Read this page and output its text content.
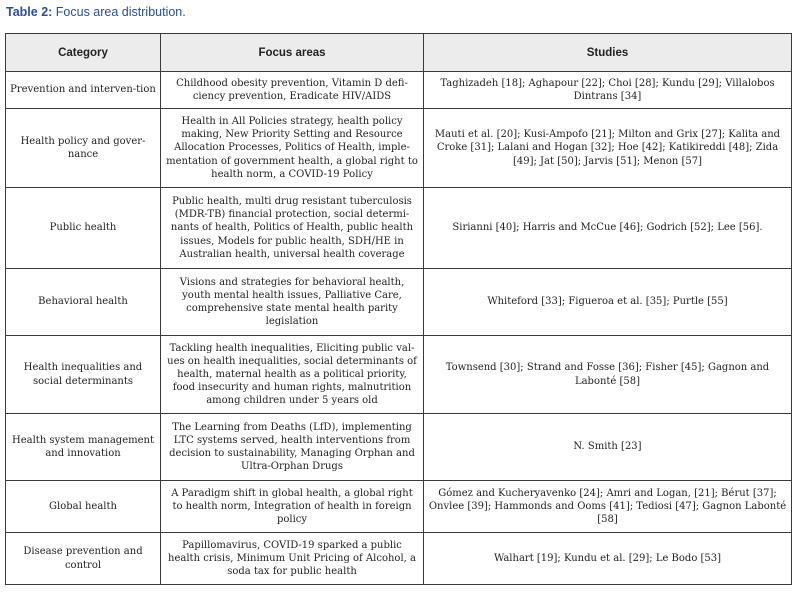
Table 2: Focus area distribution.
Category	Focus areas	Studies
Prevention and interven-tion	Childhood obesity prevention, Vitamin D defi-ciency prevention, Eradicate HIV/AIDS	Taghizadeh [18]; Aghapour [22]; Choi [28]; Kundu [29]; Villalobos Dintrans [34]
Health policy and gover-nance	Health in All Policies strategy, health policy making, New Priority Setting and Resource Allocation Processes, Politics of Health, imple-mentation of government health, a global right to health norm, a COVID-19 Policy	Mauti et al. [20]; Kusi-Ampofo [21]; Milton and Grix [27]; Kalita and Croke [31]; Lalani and Hogan [32]; Hoe [42]; Katikireddi [48]; Zida [49]; Jat [50]; Jarvis [51]; Menon [57]
Public health	Public health, multi drug resistant tuberculosis (MDR-TB) financial protection, social determi-nants of health, Politics of Health, public health issues, Models for public health, SDH/HE in Australian health, universal health coverage	Sirianni [40]; Harris and McCue [46]; Godrich [52]; Lee [56].
Behavioral health	Visions and strategies for behavioral health, youth mental health issues, Palliative Care, comprehensive state mental health parity legislation	Whiteford [33]; Figueroa et al. [35]; Purtle [55]
Health inequalities and social determinants	Tackling health inequalities, Eliciting public val-ues on health inequalities, social determinants of health, maternal health as a political priority, food insecurity and human rights, malnutrition among children under 5 years old	Townsend [30]; Strand and Fosse [36]; Fisher [45]; Gagnon and Labonté [58]
Health system management and innovation	The Learning from Deaths (LfD), implementing LTC systems served, health interventions from decision to sustainability, Managing Orphan and Ultra-Orphan Drugs	N. Smith [23]
Global health	A Paradigm shift in global health, a global right to health norm, Integration of health in foreign policy	Gómez and Kucheryavenko [24]; Amri and Logan, [21]; Bérut [37]; Onvlee [39]; Hammonds and Ooms [41]; Tediosi [47]; Gagnon Labonté [58]
Disease prevention and control	Papillomavirus, COVID-19 sparked a public health crisis, Minimum Unit Pricing of Alcohol, a soda tax for public health	Walhart [19]; Kundu et al. [29]; Le Bodo [53]
